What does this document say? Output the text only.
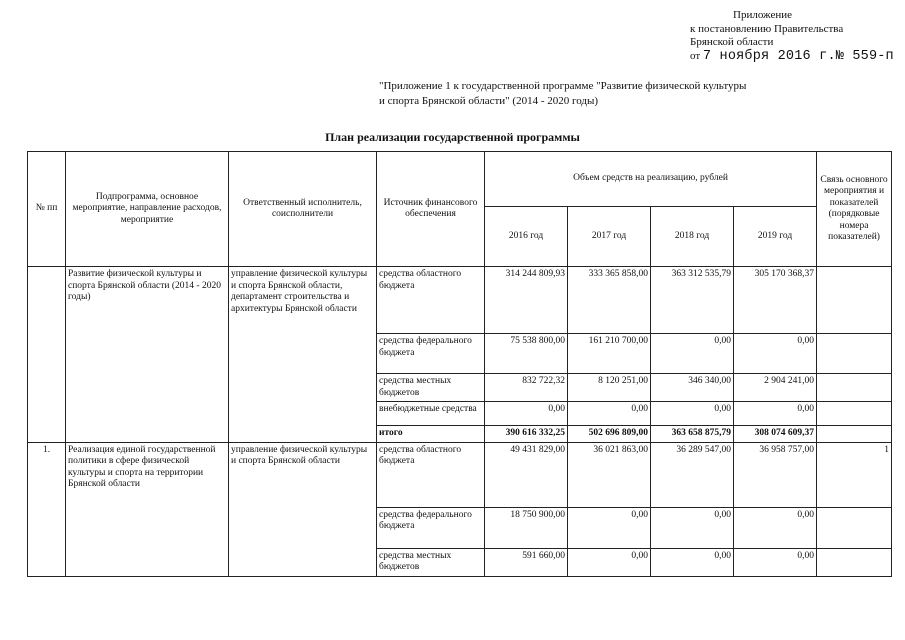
Приложение
к постановлению Правительства
Брянской области
от 7 ноября 2016 г.№ 559-п
"Приложение 1 к государственной программе "Развитие физической культуры
и спорта Брянской области" (2014 - 2020 годы)
План реализации государственной программы
№ пп	Подпрограмма, основное мероприятие, направление расходов, мероприятие	Ответственный исполнитель, соисполнители	Источник финансового обеспечения	Объем средств на реализацию, рублей				Связь основного мероприятия и показателей (порядковые номера показателей)
				2016 год	2017 год	2018 год	2019 год	
	Развитие физической культуры и спорта Брянской области (2014 - 2020 годы)	управление физической культуры и спорта Брянской области, департамент строительства и архитектуры Брянской области	средства областного бюджета	314 244 809,93	333 365 858,00	363 312 535,79	305 170 368,37	
			средства федерального бюджета	75 538 800,00	161 210 700,00	0,00	0,00	
			средства местных бюджетов	832 722,32	8 120 251,00	346 340,00	2 904 241,00	
			внебюджетные средства	0,00	0,00	0,00	0,00	
			итого	390 616 332,25	502 696 809,00	363 658 875,79	308 074 609,37	
1.	Реализация единой государственной политики в сфере физической культуры и спорта на территории Брянской области	управление физической культуры и спорта Брянской области	средства областного бюджета	49 431 829,00	36 021 863,00	36 289 547,00	36 958 757,00	1
			средства федерального бюджета	18 750 900,00	0,00	0,00	0,00	
			средства местных бюджетов	591 660,00	0,00	0,00	0,00	
